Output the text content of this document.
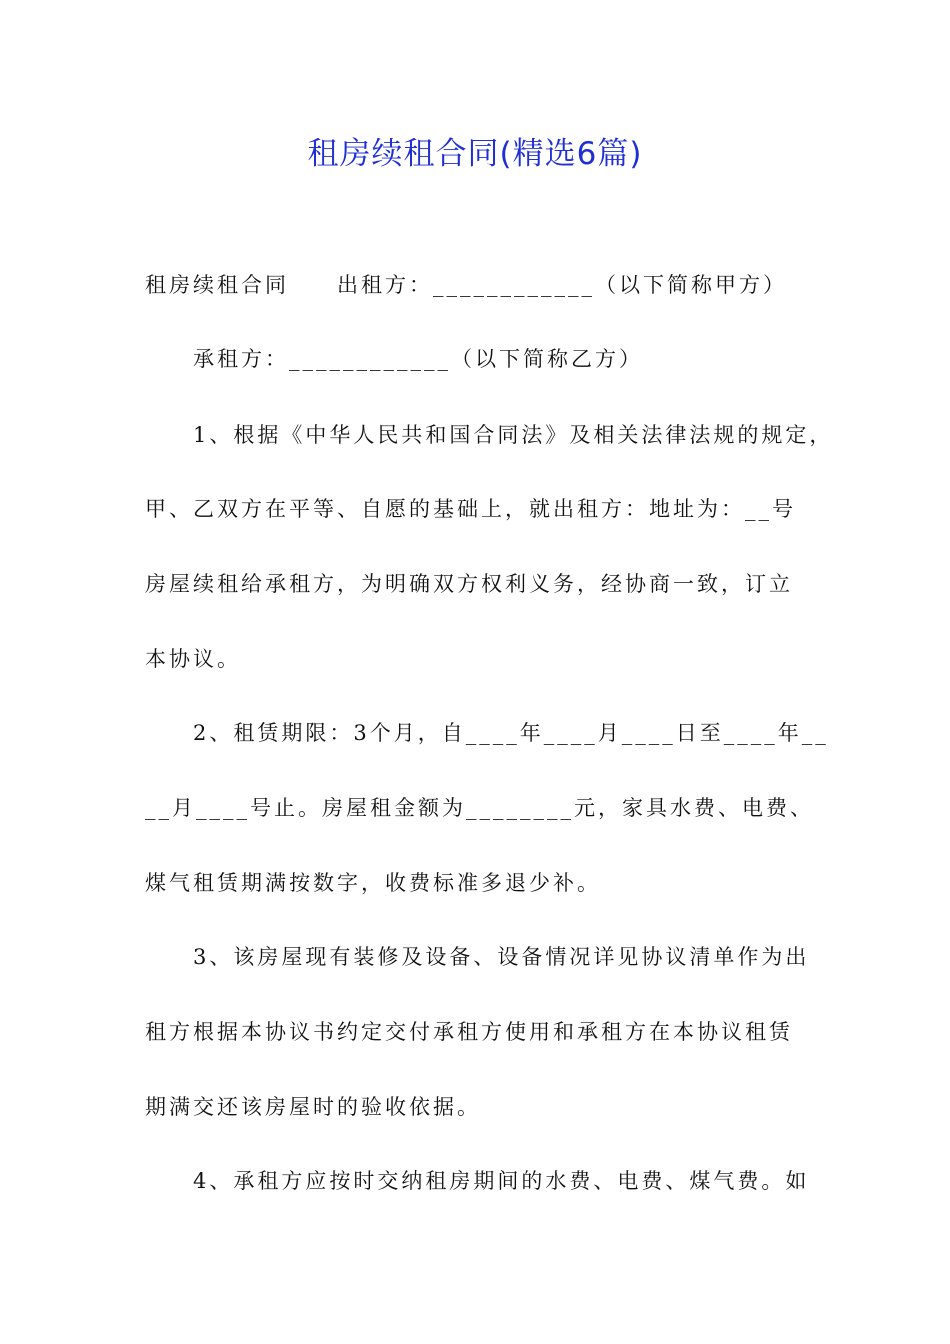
租房续租合同(精选6篇)
租房续租合同　　出租方：____________（以下简称甲方）
　　承租方：____________（以下简称乙方）
　　1、根据《中华人民共和国合同法》及相关法律法规的规定，
甲、乙双方在平等、自愿的基础上，就出租方：地址为：__号
房屋续租给承租方，为明确双方权利义务，经协商一致，订立
本协议。
　　2、租赁期限：3个月，自____年____月____日至____年__
__月____号止。房屋租金额为________元，家具水费、电费、
煤气租赁期满按数字，收费标准多退少补。
　　3、该房屋现有装修及设备、设备情况详见协议清单作为出
租方根据本协议书约定交付承租方使用和承租方在本协议租赁
期满交还该房屋时的验收依据。
　　4、承租方应按时交纳租房期间的水费、电费、煤气费。如
